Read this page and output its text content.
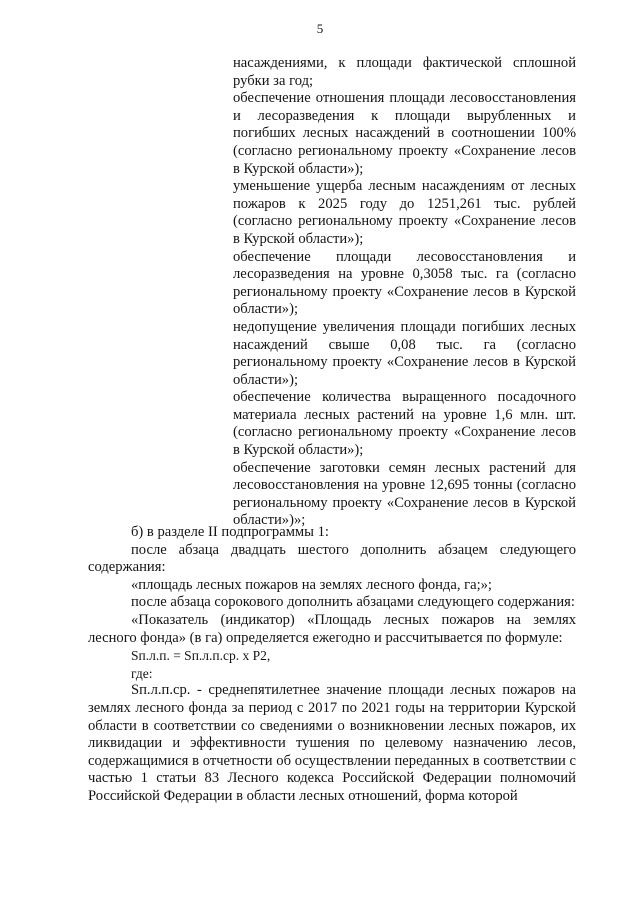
5

насаждениями, к площади фактической сплошной рубки за год;

обеспечение отношения площади лесовосстановления и лесоразведения к площади вырубленных и погибших лесных насаждений в соотношении 100% (согласно региональному проекту «Сохранение лесов в Курской области»);

уменьшение ущерба лесным насаждениям от лесных пожаров к 2025 году до 1251,261 тыс. рублей (согласно региональному проекту «Сохранение лесов в Курской области»);

обеспечение площади лесовосстановления и лесоразведения на уровне 0,3058 тыс. га (согласно региональному проекту «Сохранение лесов в Курской области»);

недопущение увеличения площади погибших лесных насаждений свыше 0,08 тыс. га (согласно региональному проекту «Сохранение лесов в Курской области»);

обеспечение количества выращенного посадочного материала лесных растений на уровне 1,6 млн. шт. (согласно региональному проекту «Сохранение лесов в Курской области»);

обеспечение заготовки семян лесных растений для лесовосстановления на уровне 12,695 тонны (согласно региональному проекту «Сохранение лесов в Курской области»)»;

б) в разделе II подпрограммы 1:

после абзаца двадцать шестого дополнить абзацем следующего содержания:

«площадь лесных пожаров на землях лесного фонда, га;»;

после абзаца сорокового дополнить абзацами следующего содержания:

«Показатель (индикатор) «Площадь лесных пожаров на землях лесного фонда» (в га) определяется ежегодно и рассчитывается по формуле:

Sп.л.п. = Sп.л.п.ср. х Р2,

где:

Sп.л.п.ср. - среднепятилетнее значение площади лесных пожаров на землях лесного фонда за период с 2017 по 2021 годы на территории Курской области в соответствии со сведениями о возникновении лесных пожаров, их ликвидации и эффективности тушения по целевому назначению лесов, содержащимися в отчетности об осуществлении переданных в соответствии с частью 1 статьи 83 Лесного кодекса Российской Федерации полномочий Российской Федерации в области лесных отношений, форма которой
